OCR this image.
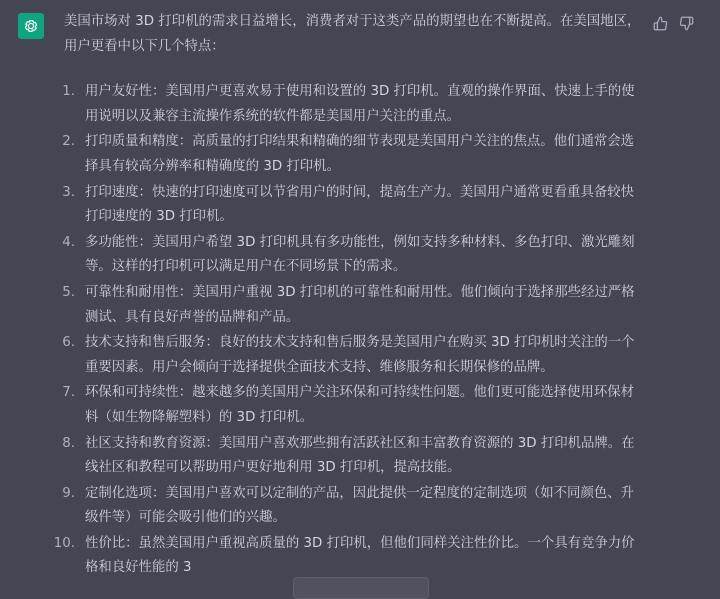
美国市场对 3D 打印机的需求日益增长，消费者对于这类产品的期望也在不断提高。在美国地区，用户更看中以下几个特点：

1. 用户友好性：美国用户更喜欢易于使用和设置的 3D 打印机。直观的操作界面、快速上手的使用说明以及兼容主流操作系统的软件都是美国用户关注的重点。
2. 打印质量和精度：高质量的打印结果和精确的细节表现是美国用户关注的焦点。他们通常会选择具有较高分辨率和精确度的 3D 打印机。
3. 打印速度：快速的打印速度可以节省用户的时间，提高生产力。美国用户通常更看重具备较快打印速度的 3D 打印机。
4. 多功能性：美国用户希望 3D 打印机具有多功能性，例如支持多种材料、多色打印、激光雕刻等。这样的打印机可以满足用户在不同场景下的需求。
5. 可靠性和耐用性：美国用户重视 3D 打印机的可靠性和耐用性。他们倾向于选择那些经过严格测试、具有良好声誉的品牌和产品。
6. 技术支持和售后服务：良好的技术支持和售后服务是美国用户在购买 3D 打印机时关注的一个重要因素。用户会倾向于选择提供全面技术支持、维修服务和长期保修的品牌。
7. 环保和可持续性：越来越多的美国用户关注环保和可持续性问题。他们更可能选择使用环保材料（如生物降解塑料）的 3D 打印机。
8. 社区支持和教育资源：美国用户喜欢那些拥有活跃社区和丰富教育资源的 3D 打印机品牌。在线社区和教程可以帮助用户更好地利用 3D 打印机，提高技能。
9. 定制化选项：美国用户喜欢可以定制的产品，因此提供一定程度的定制选项（如不同颜色、升级件等）可能会吸引他们的兴趣。
10. 性价比：虽然美国用户重视高质量的 3D 打印机，但他们同样关注性价比。一个具有竞争力价格和良好性能的 3
